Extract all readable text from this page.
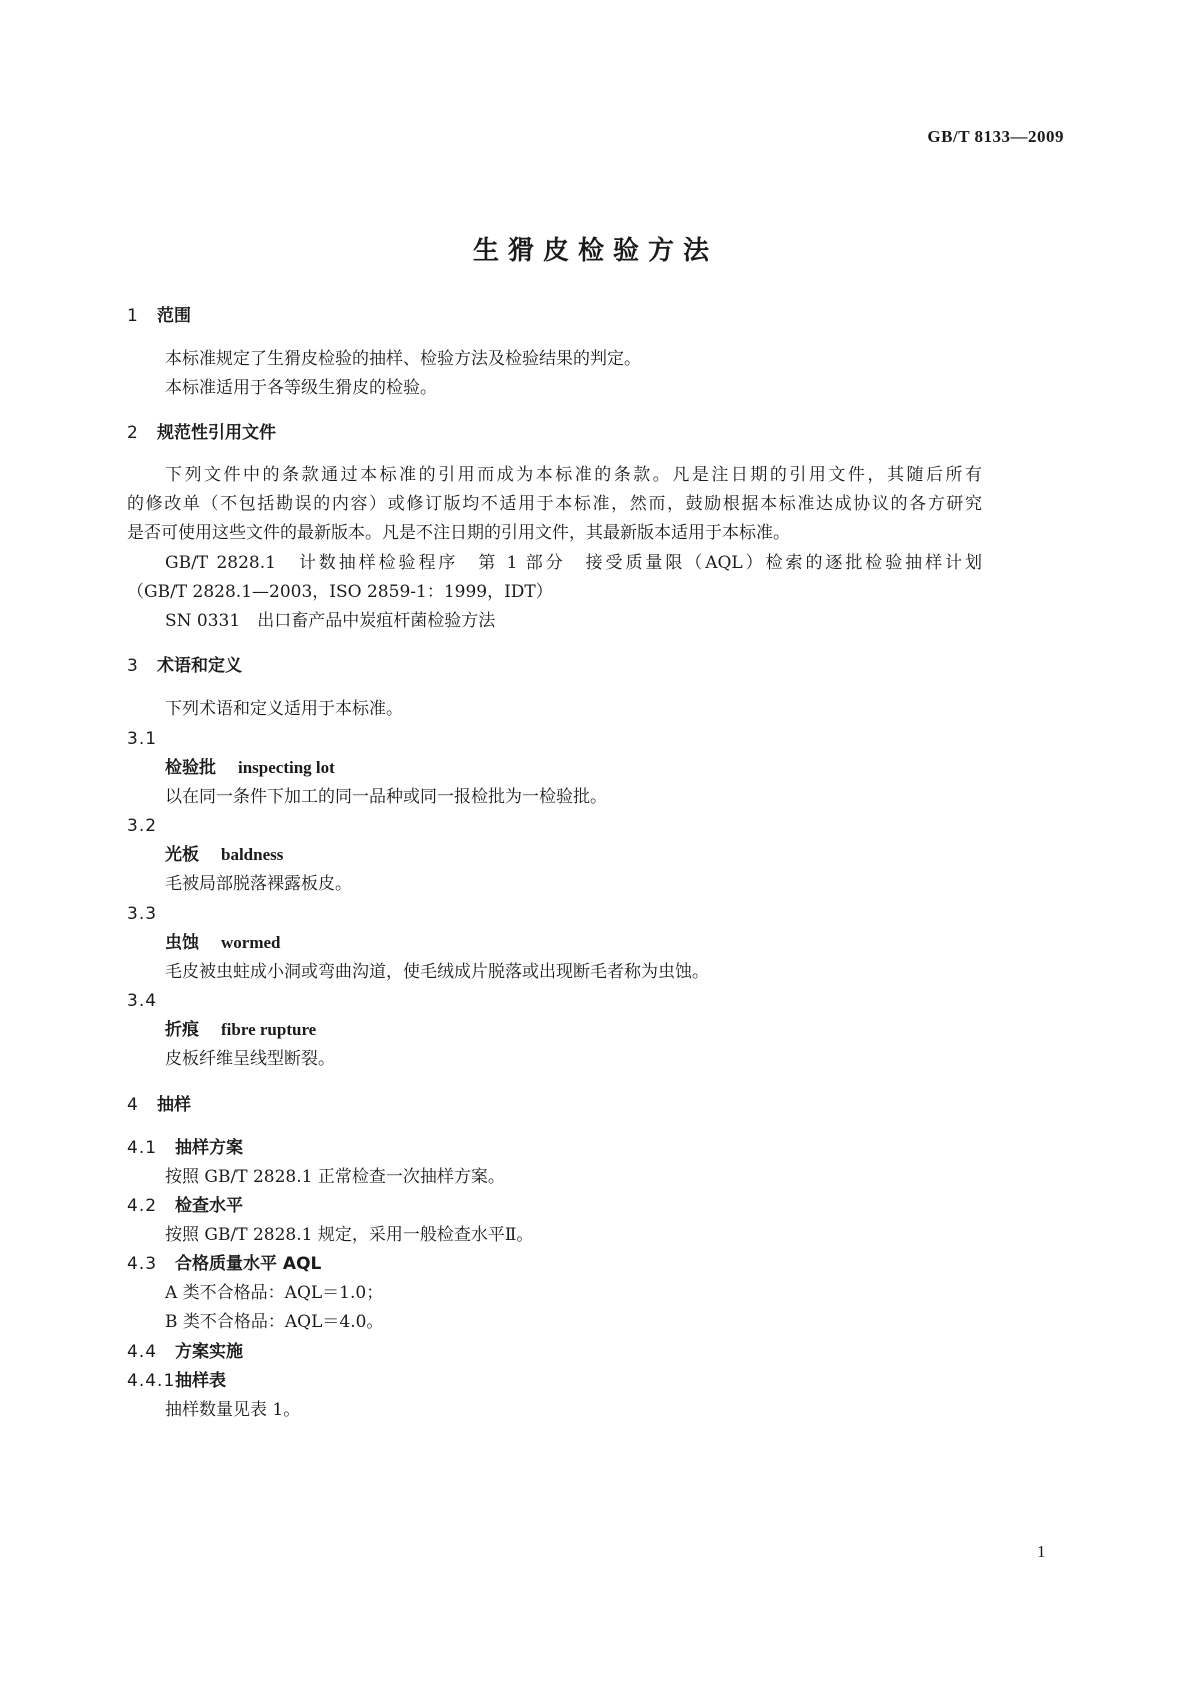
GB/T 8133—2009
生猾皮检验方法
1 范围
本标准规定了生猾皮检验的抽样、检验方法及检验结果的判定。
本标准适用于各等级生猾皮的检验。
2 规范性引用文件
下列文件中的条款通过本标准的引用而成为本标准的条款。凡是注日期的引用文件，其随后所有
的修改单（不包括勘误的内容）或修订版均不适用于本标准，然而，鼓励根据本标准达成协议的各方研究
是否可使用这些文件的最新版本。凡是不注日期的引用文件，其最新版本适用于本标准。
GB/T 2828.1　计数抽样检验程序　第 1 部分　接受质量限（AQL）检索的逐批检验抽样计划
（GB/T 2828.1—2003，ISO 2859-1：1999，IDT）
SN 0331　出口畜产品中炭疽杆菌检验方法
3 术语和定义
下列术语和定义适用于本标准。
3.1
检验批 inspecting lot
以在同一条件下加工的同一品种或同一报检批为一检验批。
3.2
光板 baldness
毛被局部脱落裸露板皮。
3.3
虫蚀 wormed
毛皮被虫蛀成小洞或弯曲沟道，使毛绒成片脱落或出现断毛者称为虫蚀。
3.4
折痕 fibre rupture
皮板纤维呈线型断裂。
4 抽样
4.1 抽样方案
按照 GB/T 2828.1 正常检查一次抽样方案。
4.2 检查水平
按照 GB/T 2828.1 规定，采用一般检查水平Ⅱ。
4.3 合格质量水平 AQL
A 类不合格品：AQL＝1.0；
B 类不合格品：AQL＝4.0。
4.4 方案实施
4.4.1抽样表
抽样数量见表 1。
1
